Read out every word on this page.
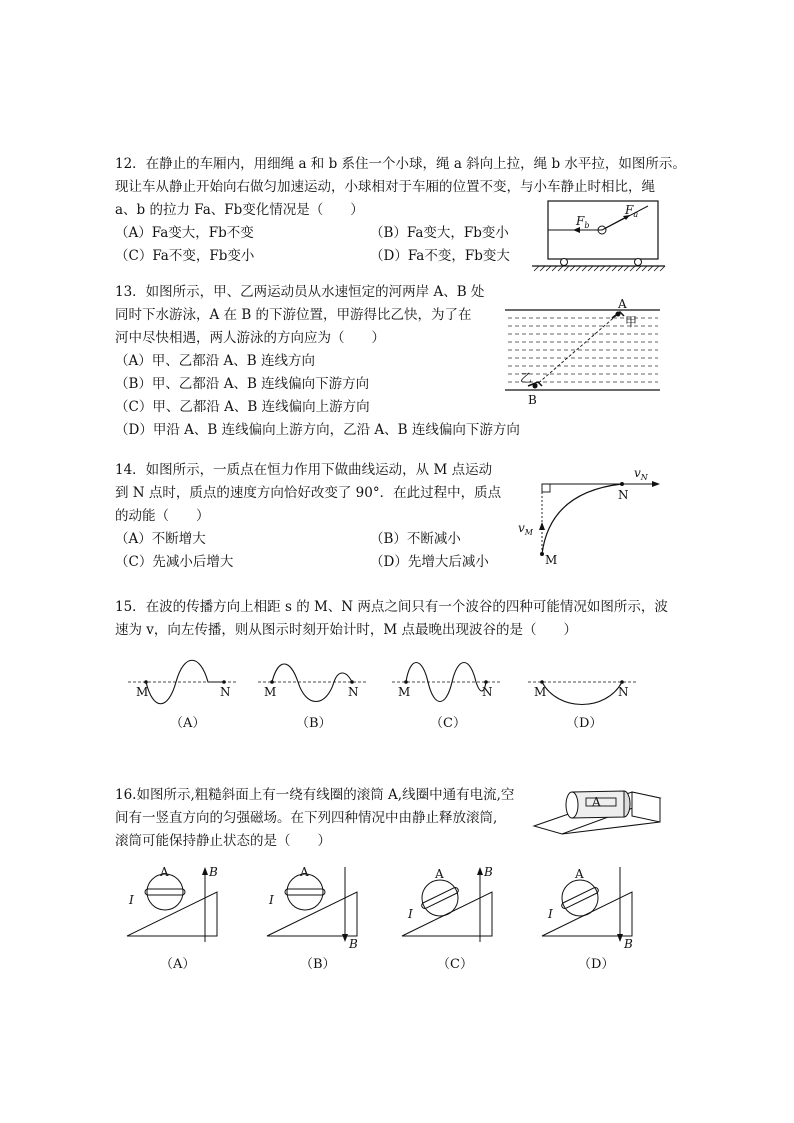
12．在静止的车厢内，用细绳 a 和 b 系住一个小球，绳 a 斜向上拉，绳 b 水平拉，如图所示。
现让车从静止开始向右做匀加速运动，小球相对于车厢的位置不变，与小车静止时相比，绳
a、b 的拉力 Fa、Fb变化情况是（　　）
（A）Fa变大，Fb不变	（B）Fa变大，Fb变小
（C）Fa不变，Fb变小	（D）Fa不变，Fb变大
$F_b$
$F_a$
13．如图所示，甲、乙两运动员从水速恒定的河两岸 A、B 处
同时下水游泳，A 在 B 的下游位置，甲游得比乙快，为了在
河中尽快相遇，两人游泳的方向应为（　　）
（A）甲、乙都沿 A、B 连线方向
（B）甲、乙都沿 A、B 连线偏向下游方向
（C）甲、乙都沿 A、B 连线偏向上游方向
（D）甲沿 A、B 连线偏向上游方向，乙沿 A、B 连线偏向下游方向
A
甲
乙
B
14．如图所示，一质点在恒力作用下做曲线运动，从 M 点运动
到 N 点时，质点的速度方向恰好改变了 90°．在此过程中，质点
的动能（　　）
（A）不断增大	（B）不断减小
（C）先减小后增大	（D）先增大后减小
$v_N$
N
$v_M$
M
15．在波的传播方向上相距 s 的 M、N 两点之间只有一个波谷的四种可能情况如图所示，波
速为 v，向左传播，则从图示时刻开始计时，M 点最晚出现波谷的是（　　）
M	N
（A）
M	N
（B）
M	N
（C）
M	N
（D）
16.如图所示,粗糙斜面上有一绕有线圈的滚筒 A,线圈中通有电流,空
间有一竖直方向的匀强磁场。在下列四种情况中由静止释放滚筒,
滚筒可能保持静止状态的是（　　）
A
B
A
I
（A）
B
A
I
（B）
B
A
I
（C）
B
A
I
（D）
